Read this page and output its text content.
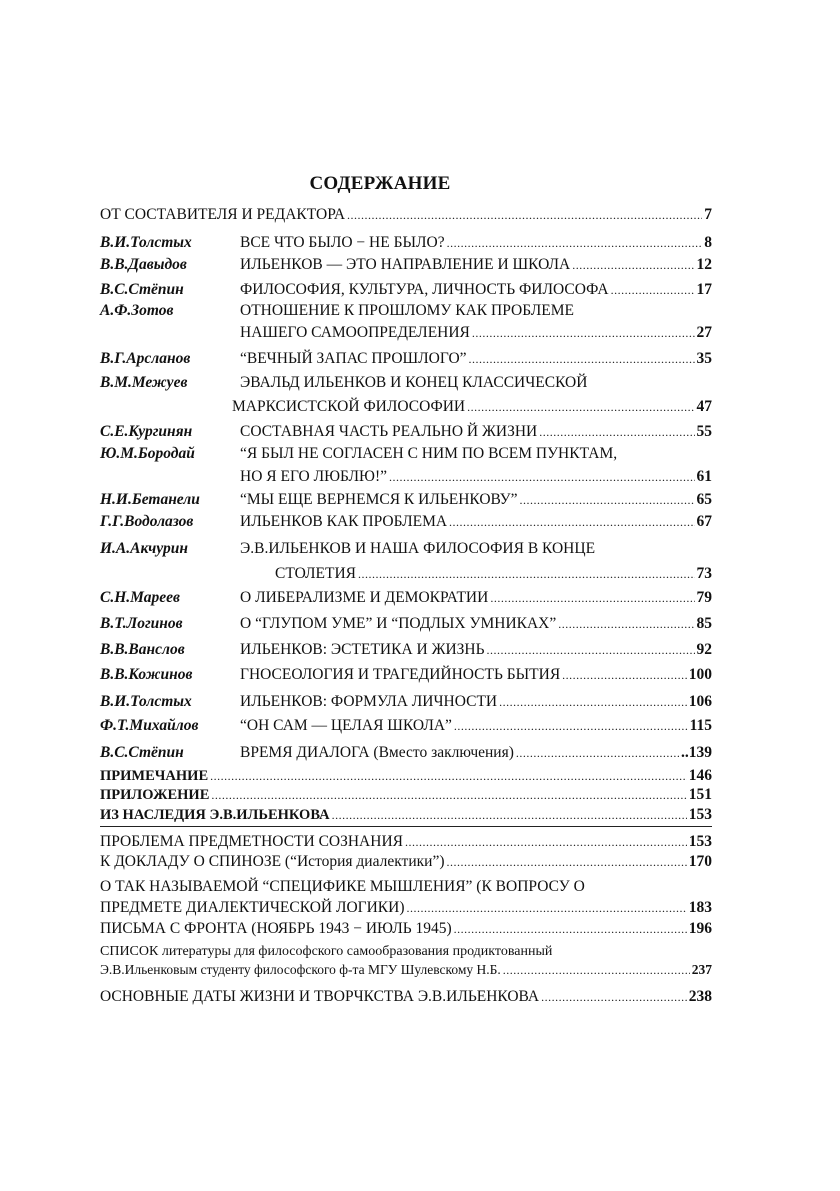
СОДЕРЖАНИЕ
ОТ СОСТАВИТЕЛЯ И РЕДАКТОРА .....	7
В.И.Толстых	ВСЕ ЧТО БЫЛО − НЕ БЫЛО? .....	8
В.В.Давыдов	ИЛЬЕНКОВ — ЭТО НАПРАВЛЕНИЕ И ШКОЛА .....	12
В.С.Стёпин	ФИЛОСОФИЯ, КУЛЬТУРА, ЛИЧНОСТЬ ФИЛОСОФА .....	17
А.Ф.Зотов	ОТНОШЕНИЕ К ПРОШЛОМУ КАК ПРОБЛЕМЕ
НАШЕГО САМООПРЕДЕЛЕНИЯ .....	27
В.Г.Арсланов	“ВЕЧНЫЙ ЗАПАС ПРОШЛОГО” .....	35
В.М.Межуев	ЭВАЛЬД ИЛЬЕНКОВ И КОНЕЦ КЛАССИЧЕСКОЙ
МАРКСИСТСКОЙ ФИЛОСОФИИ .....	47
С.Е.Кургинян	СОСТАВНАЯ ЧАСТЬ РЕАЛЬНО Й ЖИЗНИ .....	55
Ю.М.Бородай	“Я БЫЛ НЕ СОГЛАСЕН С НИМ ПО ВСЕМ ПУНКТАМ,
НО Я ЕГО ЛЮБЛЮ!” .....	61
Н.И.Бетанели	“МЫ ЕЩЕ ВЕРНЕМСЯ К ИЛЬЕНКОВУ” .....	65
Г.Г.Водолазов	ИЛЬЕНКОВ КАК ПРОБЛЕМА .....	67
И.А.Акчурин	Э.В.ИЛЬЕНКОВ И НАША ФИЛОСОФИЯ В КОНЦЕ
СТОЛЕТИЯ .....	73
С.Н.Мареев	О ЛИБЕРАЛИЗМЕ И ДЕМОКРАТИИ .....	79
В.Т.Логинов	О “ГЛУПОМ УМЕ” И “ПОДЛЫХ УМНИКАХ” .....	85
В.В.Ванслов	ИЛЬЕНКОВ: ЭСТЕТИКА И ЖИЗНЬ .....	92
В.В.Кожинов	ГНОСЕОЛОГИЯ И ТРАГЕДИЙНОСТЬ БЫТИЯ .....	100
В.И.Толстых	ИЛЬЕНКОВ: ФОРМУЛА ЛИЧНОСТИ .....	106
Ф.Т.Михайлов	“ОН САМ — ЦЕЛАЯ ШКОЛА” .....	115
В.С.Стёпин	ВРЕМЯ ДИАЛОГА (Вместо заключения) .....	..139
ПРИМЕЧАНИЕ .....	146
ПРИЛОЖЕНИЕ .....	151
ИЗ НАСЛЕДИЯ Э.В.ИЛЬЕНКОВА .....	153
ПРОБЛЕМА ПРЕДМЕТНОСТИ СОЗНАНИЯ .....	153
К ДОКЛАДУ О СПИНОЗЕ (“История диалектики”) .....	170
О ТАК НАЗЫВАЕМОЙ “СПЕЦИФИКЕ МЫШЛЕНИЯ” (К ВОПРОСУ О
ПРЕДМЕТЕ ДИАЛЕКТИЧЕСКОЙ ЛОГИКИ) .....	183
ПИСЬМА С ФРОНТА (НОЯБРЬ 1943 − ИЮЛЬ 1945) .....	196
СПИСОК литературы для философского самообразования продиктованный
Э.В.Ильенковым студенту философского ф-та МГУ Шулевскому Н.Б. .....	237
ОСНОВНЫЕ ДАТЫ ЖИЗНИ И ТВОРЧКСТВА Э.В.ИЛЬЕНКОВА .....	238
